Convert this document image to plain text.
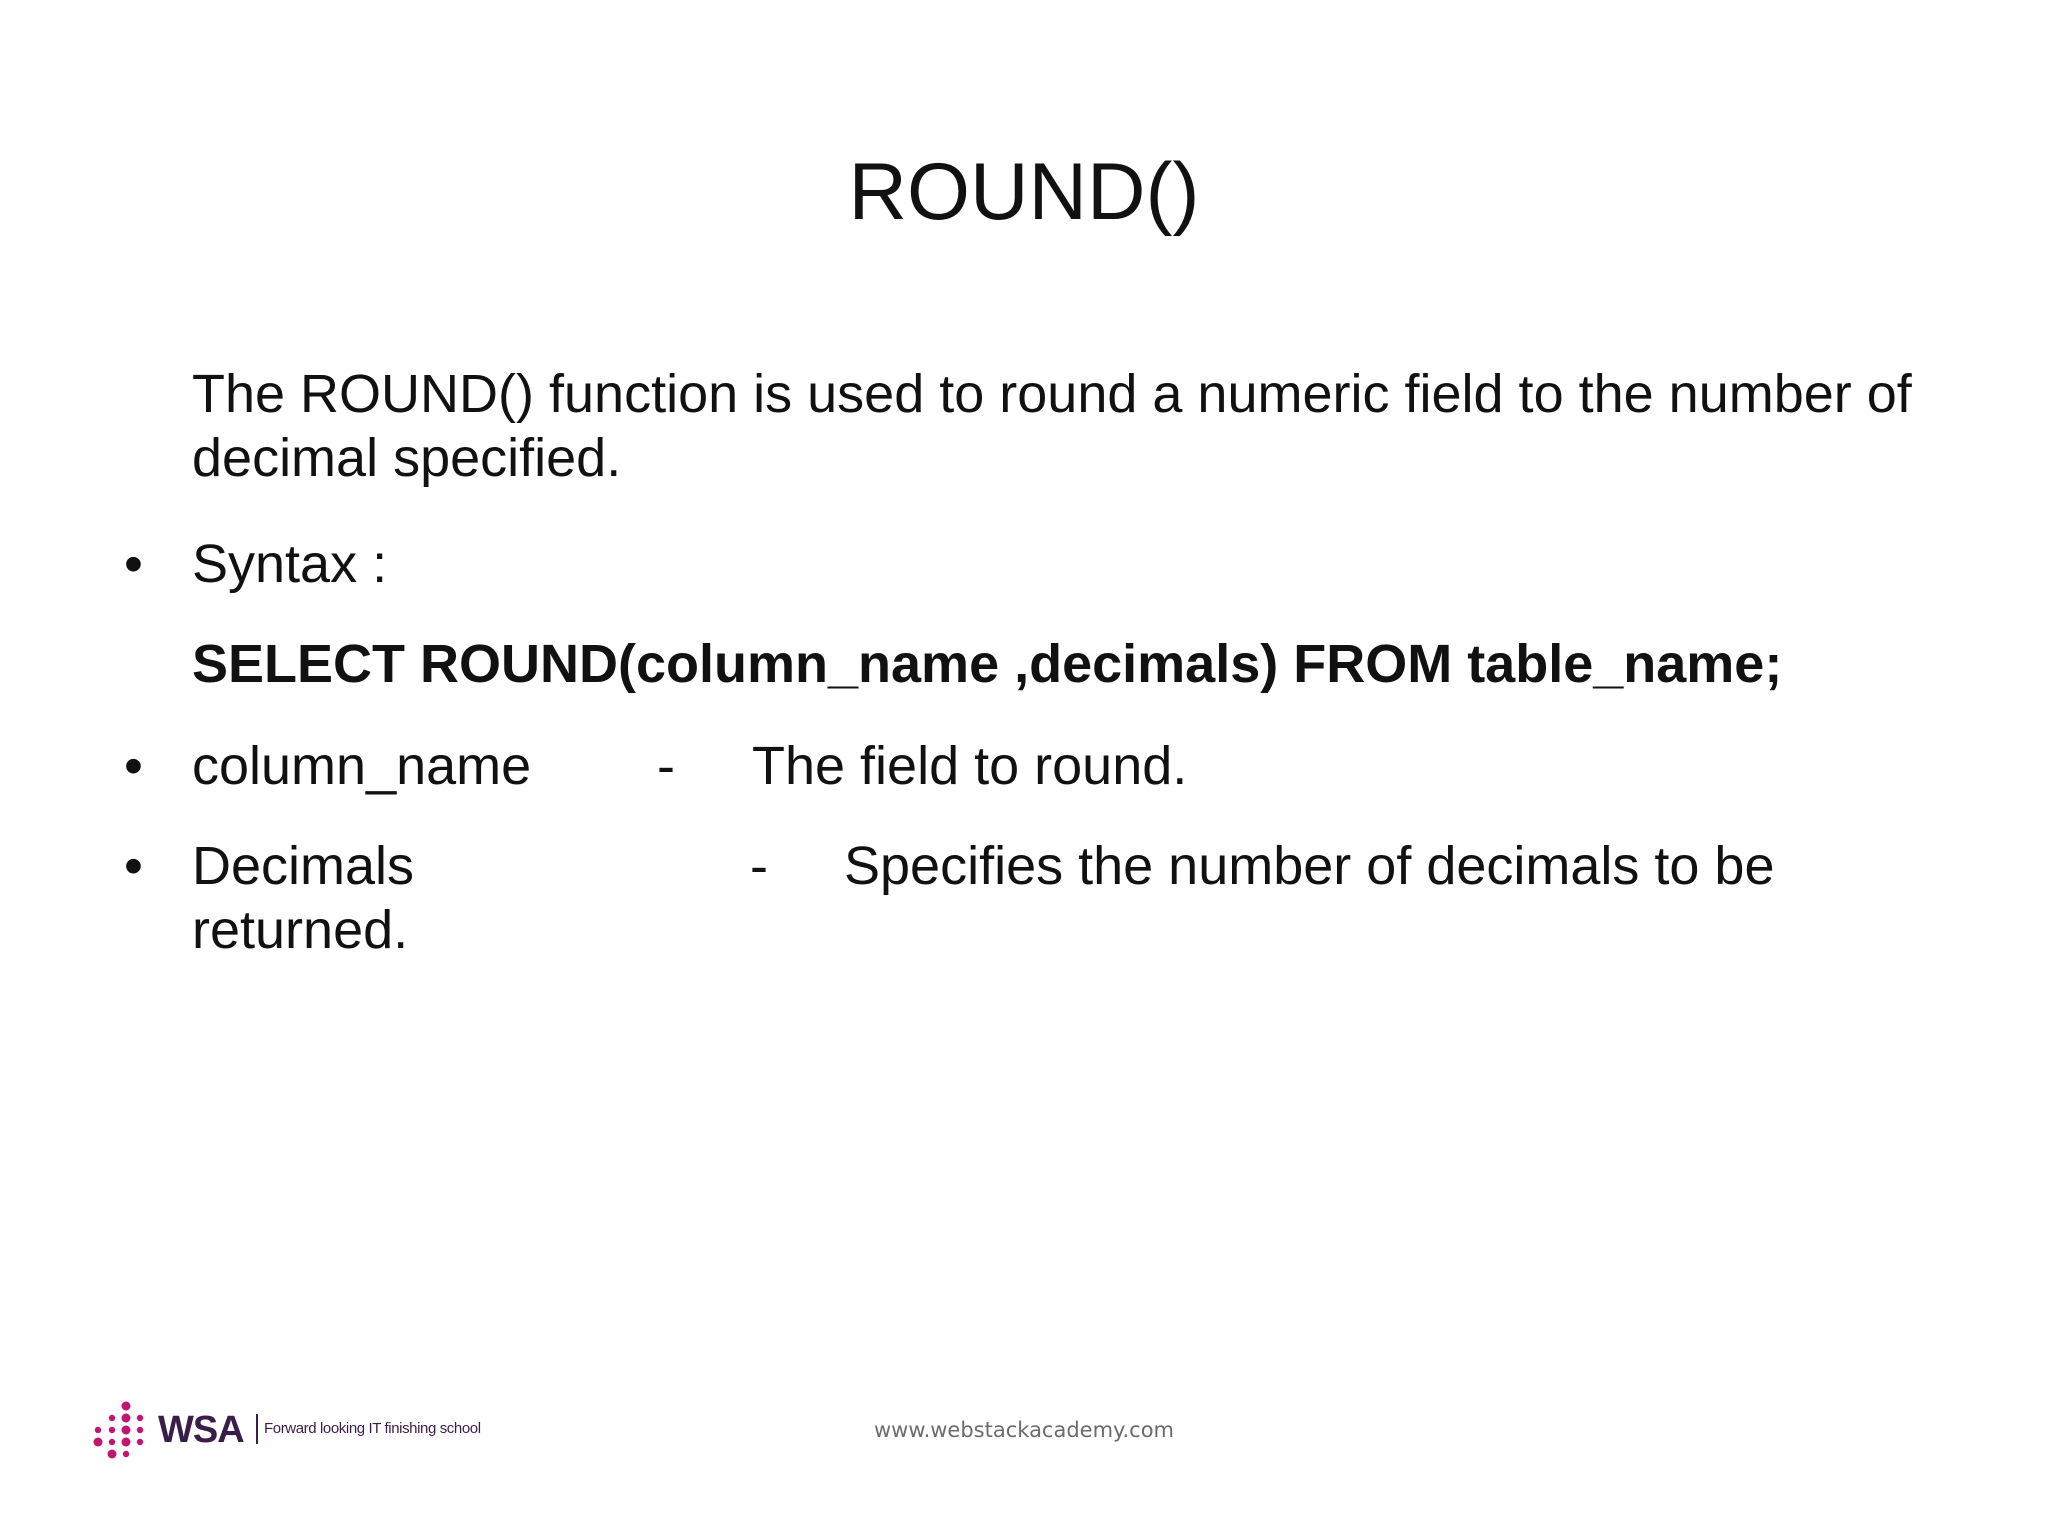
ROUND()
The ROUND() function is used to round a numeric field to the number of decimal specified.
• Syntax :
SELECT ROUND(column_name ,decimals) FROM table_name;
• column_name - The field to round.
• Decimals	- Specifies the number of decimals to be
returned.
WSA Forward looking IT finishing school	www.webstackacademy.com
